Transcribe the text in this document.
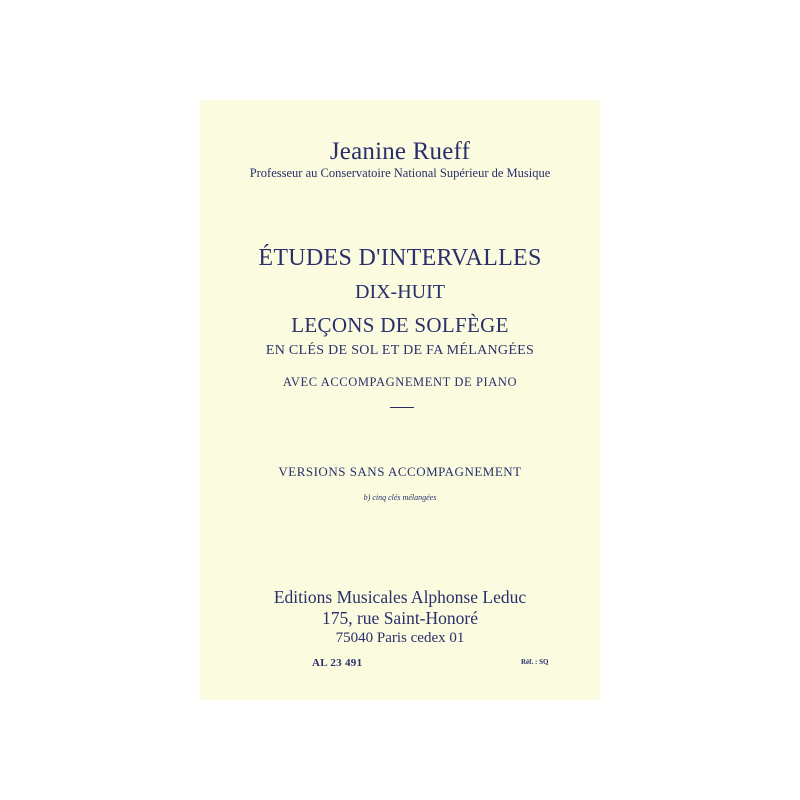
Jeanine Rueff
Professeur au Conservatoire National Supérieur de Musique
ÉTUDES D'INTERVALLES
DIX-HUIT
LEÇONS DE SOLFÈGE
EN CLÉS DE SOL ET DE FA MÉLANGÉES
AVEC ACCOMPAGNEMENT DE PIANO
VERSIONS SANS ACCOMPAGNEMENT
b) cinq clés mélangées
Editions Musicales Alphonse Leduc
175, rue Saint-Honoré
75040 Paris cedex 01
AL 23 491	Réf. : SQ
